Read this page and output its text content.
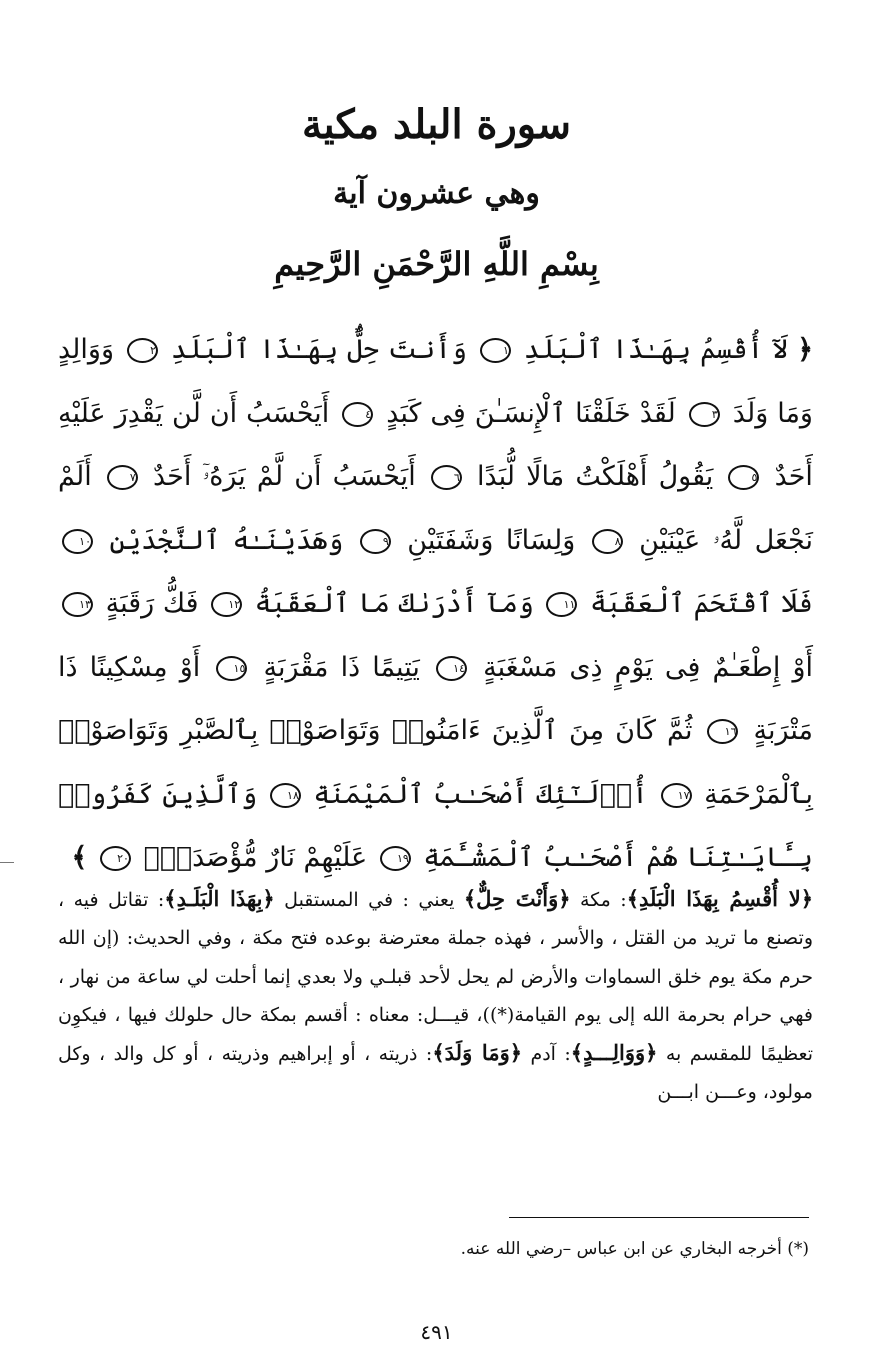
سورة البلد مكية
وهي عشرون آية
بِسْمِ اللَّهِ الرَّحْمَنِ الرَّحِيمِ
﴿ لَآ أُقْسِمُ بِهَـٰذَا ٱلْبَلَدِ ١ وَأَنتَ حِلٌّۢ بِهَـٰذَا ٱلْبَلَدِ ٢ وَوَالِدٍ وَمَا وَلَدَ ٣ لَقَدْ خَلَقْنَا ٱلْإِنسَـٰنَ فِى كَبَدٍ ٤ أَيَحْسَبُ أَن لَّن يَقْدِرَ عَلَيْهِ أَحَدٌ ٥ يَقُولُ أَهْلَكْتُ مَالًا لُّبَدًا ٦ أَيَحْسَبُ أَن لَّمْ يَرَهُۥٓ أَحَدٌ ٧ أَلَمْ نَجْعَل لَّهُۥ عَيْنَيْنِ ٨ وَلِسَانًا وَشَفَتَيْنِ ٩ وَهَدَيْنَـٰهُ ٱلنَّجْدَيْنِ ١٠ فَلَا ٱقْتَحَمَ ٱلْعَقَبَةَ ١١ وَمَآ أَدْرَىٰكَ مَا ٱلْعَقَبَةُ ١٢ فَكُّ رَقَبَةٍ ١٣ أَوْ إِطْعَـٰمٌ فِى يَوْمٍ ذِى مَسْغَبَةٍ ١٤ يَتِيمًا ذَا مَقْرَبَةٍ ١٥ أَوْ مِسْكِينًا ذَا مَتْرَبَةٍ ١٦ ثُمَّ كَانَ مِنَ ٱلَّذِينَ ءَامَنُوا۟ وَتَوَاصَوْا۟ بِٱلصَّبْرِ وَتَوَاصَوْا۟ بِٱلْمَرْحَمَةِ ١٧ أُو۟لَـٰٓئِكَ أَصْحَـٰبُ ٱلْمَيْمَنَةِ ١٨ وَٱلَّذِينَ كَفَرُوا۟ بِـَٔايَـٰتِنَا هُمْ أَصْحَـٰبُ ٱلْمَشْـَٔمَةِ ١٩ عَلَيْهِمْ نَارٌ مُّؤْصَدَةٌۢ ٢٠ ﴾
﴿لا أُقْسِمُ بِهَذَا الْبَلَدِ﴾: مكة ﴿وَأَنْتَ حِلٌّ﴾ يعني : في المستقبل ﴿بِهَذَا الْبَلَـدِ﴾: تقاتل فيه ، وتصنع ما تريد من القتل ، والأسر ، فهذه جملة معترضة بوعده فتح مكة ، وفي الحديث: (إن الله حرم مكة يوم خلق السماوات والأرض لم يحل لأحد قبلـي ولا بعدي إنما أحلت لي ساعة من نهار ، فهي حرام بحرمة الله إلى يوم القيامة(*))، قيـــل: معناه : أقسم بمكة حال حلولك فيها ، فيكوِن تعظيمًا للمقسم به ﴿وَوَالِـــدٍ﴾: آدم ﴿وَمَا وَلَدَ﴾: ذريته ، أو إبراهيم وذريته ، أو كل والد ، وكل مولود، وعـــن ابـــن
(*) أخرجه البخاري عن ابن عباس –رضي الله عنه.
٤٩١
